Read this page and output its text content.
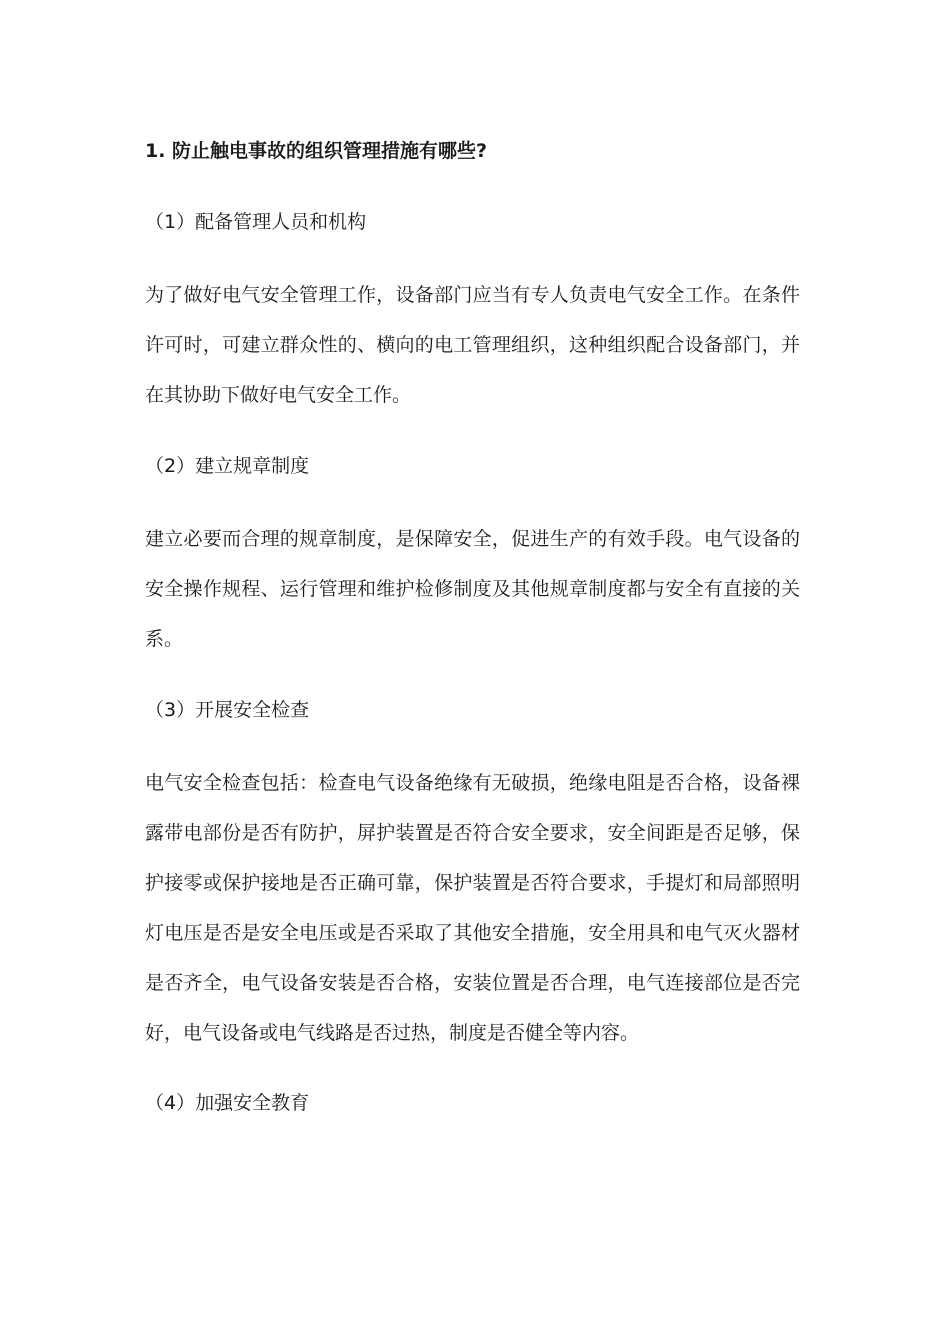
1. 防止触电事故的组织管理措施有哪些?

（1）配备管理人员和机构

为了做好电气安全管理工作，设备部门应当有专人负责电气安全工作。在条件许可时，可建立群众性的、横向的电工管理组织，这种组织配合设备部门，并在其协助下做好电气安全工作。

（2）建立规章制度

建立必要而合理的规章制度，是保障安全，促进生产的有效手段。电气设备的安全操作规程、运行管理和维护检修制度及其他规章制度都与安全有直接的关系。

（3）开展安全检查

电气安全检查包括：检查电气设备绝缘有无破损，绝缘电阻是否合格，设备裸露带电部份是否有防护，屏护装置是否符合安全要求，安全间距是否足够，保护接零或保护接地是否正确可靠，保护装置是否符合要求，手提灯和局部照明灯电压是否是安全电压或是否采取了其他安全措施，安全用具和电气灭火器材是否齐全，电气设备安装是否合格，安装位置是否合理，电气连接部位是否完好，电气设备或电气线路是否过热，制度是否健全等内容。

（4）加强安全教育
